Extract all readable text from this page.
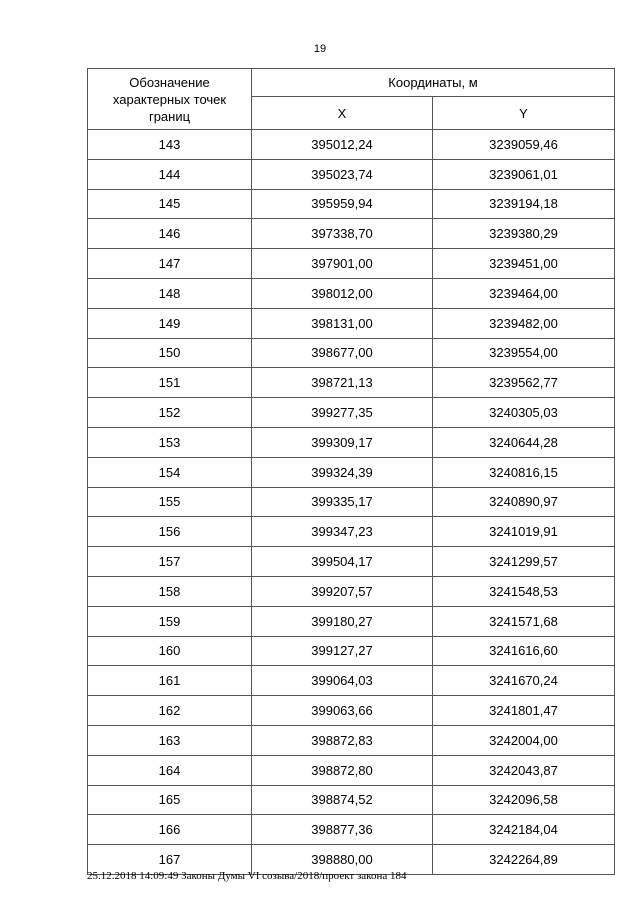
19
Обозначение
характерных точек
границ	Координаты, м	
	X	Y
143	395012,24	3239059,46
144	395023,74	3239061,01
145	395959,94	3239194,18
146	397338,70	3239380,29
147	397901,00	3239451,00
148	398012,00	3239464,00
149	398131,00	3239482,00
150	398677,00	3239554,00
151	398721,13	3239562,77
152	399277,35	3240305,03
153	399309,17	3240644,28
154	399324,39	3240816,15
155	399335,17	3240890,97
156	399347,23	3241019,91
157	399504,17	3241299,57
158	399207,57	3241548,53
159	399180,27	3241571,68
160	399127,27	3241616,60
161	399064,03	3241670,24
162	399063,66	3241801,47
163	398872,83	3242004,00
164	398872,80	3242043,87
165	398874,52	3242096,58
166	398877,36	3242184,04
167	398880,00	3242264,89
25.12.2018 14:09:49 Законы Думы VI созыва/2018/проект закона 184
